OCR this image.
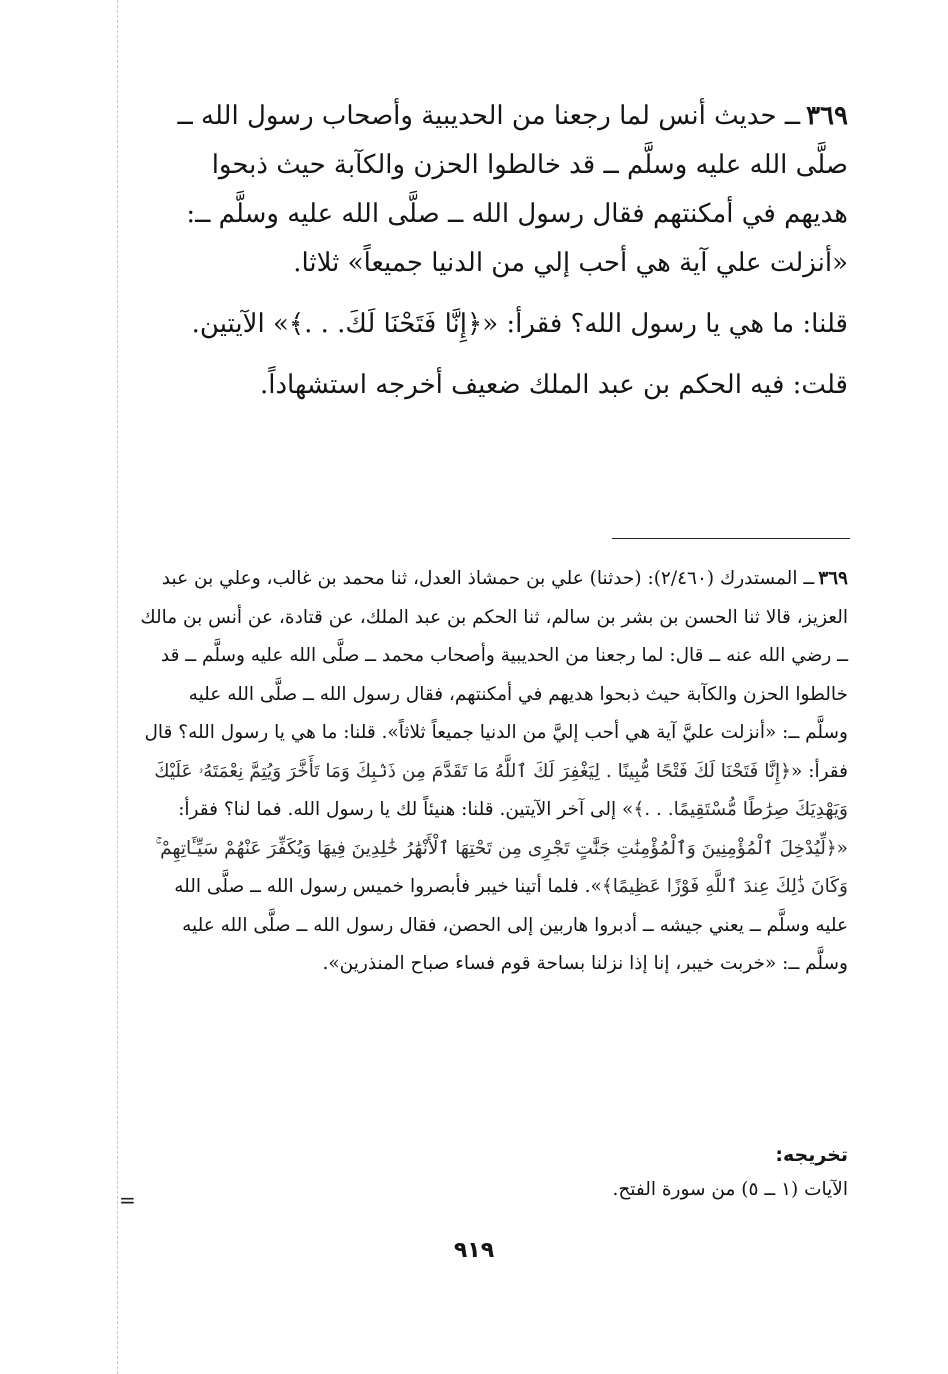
=

٣٦٩ــ حديث أنس لما رجعنا من الحديبية وأصحاب رسول الله ــ صلَّى الله عليه وسلَّم ــ قد خالطوا الحزن والكآبة حيث ذبحوا هديهم في أمكنتهم فقال رسول الله ــ صلَّى الله عليه وسلَّم ــ: «أنزلت علي آية هي أحب إلي من الدنيا جميعاً» ثلاثا.

قلنا: ما هي يا رسول الله؟ فقرأ: «﴿إِنَّا فَتَحْنَا لَكَ. . .﴾» الآيتين.

قلت: فيه الحكم بن عبد الملك ضعيف أخرجه استشهاداً.

٣٦٩ــ المستدرك (٢/٤٦٠): (حدثنا) علي بن حمشاذ العدل، ثنا محمد بن غالب، وعلي بن عبد العزيز، قالا ثنا الحسن بن بشر بن سالم، ثنا الحكم بن عبد الملك، عن قتادة، عن أنس بن مالك ــ رضي الله عنه ــ قال: لما رجعنا من الحديبية وأصحاب محمد ــ صلَّى الله عليه وسلَّم ــ قد خالطوا الحزن والكآبة حيث ذبحوا هديهم في أمكنتهم، فقال رسول الله ــ صلَّى الله عليه وسلَّم ــ: «أنزلت عليَّ آية هي أحب إليَّ من الدنيا جميعاً ثلاثاً». قلنا: ما هي يا رسول الله؟ قال فقرأ: «﴿إِنَّا فَتَحْنَا لَكَ فَتْحًا مُّبِينًا . لِيَغْفِرَ لَكَ ٱللَّهُ مَا تَقَدَّمَ مِن ذَنۢبِكَ وَمَا تَأَخَّرَ وَيُتِمَّ نِعْمَتَهُۥ عَلَيْكَ وَيَهْدِيَكَ صِرَٰطًا مُّسْتَقِيمًا. . .﴾» إلى آخر الآيتين. قلنا: هنيئاً لك يا رسول الله. فما لنا؟ فقرأ: «﴿لِّيُدْخِلَ ٱلْمُؤْمِنِينَ وَٱلْمُؤْمِنَٰتِ جَنَّٰتٍ تَجْرِى مِن تَحْتِهَا ٱلْأَنْهَٰرُ خَٰلِدِينَ فِيهَا وَيُكَفِّرَ عَنْهُمْ سَيِّـَٔاتِهِمْ ۚ وَكَانَ ذَٰلِكَ عِندَ ٱللَّهِ فَوْزًا عَظِيمًا﴾». فلما أتينا خيبر فأبصروا خميس رسول الله ــ صلَّى الله عليه وسلَّم ــ يعني جيشه ــ أدبروا هاربين إلى الحصن، فقال رسول الله ــ صلَّى الله عليه وسلَّم ــ: «خربت خيبر، إنا إذا نزلنا بساحة قوم فساء صباح المنذرين».

تخريجه:
الآيات (١ ــ ٥) من سورة الفتح.
٩١٩
